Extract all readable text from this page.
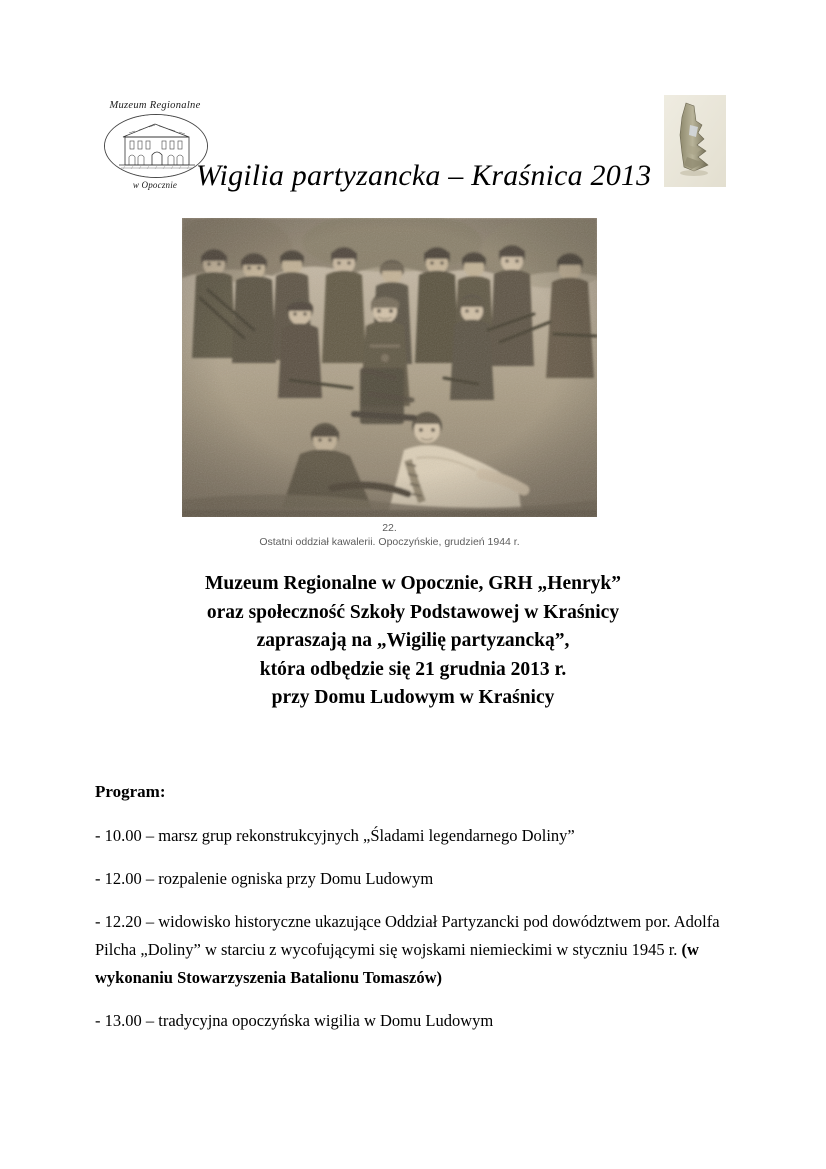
Muzeum Regionalne
w Opocznie Wigilia partyzancka – Kraśnica 2013
22.
Ostatni oddział kawalerii. Opoczyńskie, grudzień 1944 r.
Muzeum Regionalne w Opocznie, GRH „Henryk”
oraz społeczność Szkoły Podstawowej w Kraśnicy
zapraszają na „Wigilię partyzancką”,
która odbędzie się 21 grudnia 2013 r.
przy Domu Ludowym w Kraśnicy
Program:
- 10.00 – marsz grup rekonstrukcyjnych „Śladami legendarnego Doliny”
- 12.00 – rozpalenie ogniska przy Domu Ludowym
- 12.20 – widowisko historyczne ukazujące Oddział Partyzancki pod dowództwem por. Adolfa Pilcha „Doliny” w starciu z wycofującymi się wojskami niemieckimi w styczniu 1945 r. (w wykonaniu Stowarzyszenia Batalionu Tomaszów)
- 13.00 – tradycyjna opoczyńska wigilia w Domu Ludowym
